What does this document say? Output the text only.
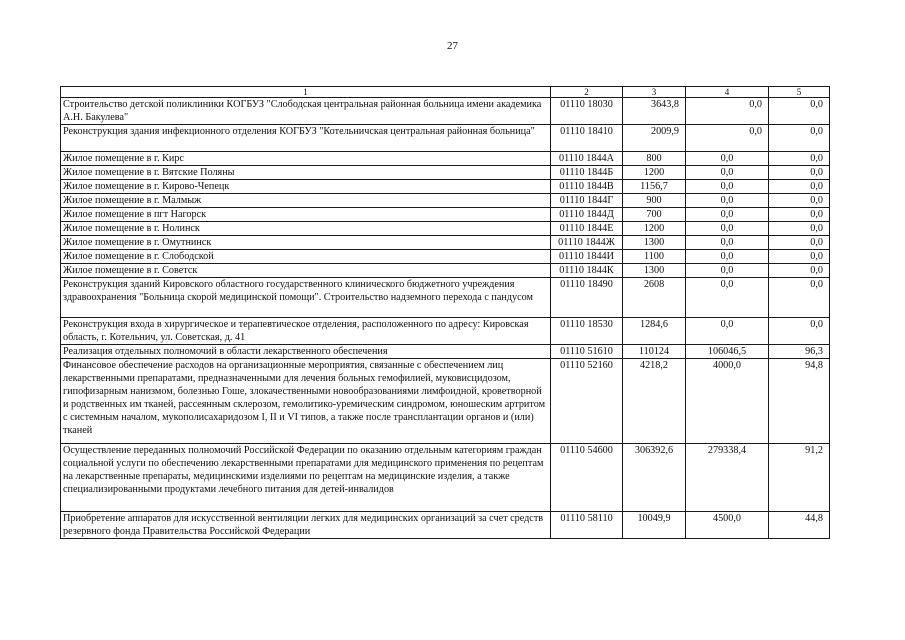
27
1	2	3	4	5
Строительство детской поликлиники КОГБУЗ "Слободская центральная районная больница имени академика А.Н. Бакулева"	01110 18030	3643,8	0,0	0,0
Реконструкция здания инфекционного отделения КОГБУЗ "Котельничская центральная районная больница"	01110 18410	2009,9	0,0	0,0
Жилое помещение в г. Кирс	01110 1844А	800	0,0	0,0
Жилое помещение в г. Вятские Поляны	01110 1844Б	1200	0,0	0,0
Жилое помещение в г. Кирово-Чепецк	01110 1844В	1156,7	0,0	0,0
Жилое помещение в г. Малмыж	01110 1844Г	900	0,0	0,0
Жилое помещение в пгт Нагорск	01110 1844Д	700	0,0	0,0
Жилое помещение в г. Нолинск	01110 1844Е	1200	0,0	0,0
Жилое помещение в г. Омутнинск	01110 1844Ж	1300	0,0	0,0
Жилое помещение в г. Слободской	01110 1844И	1100	0,0	0,0
Жилое помещение в г. Советск	01110 1844К	1300	0,0	0,0
Реконструкция зданий Кировского областного государственного клинического бюджетного учреждения здравоохранения "Больница скорой медицинской помощи". Строительство надземного перехода с пандусом	01110 18490	2608	0,0	0,0
Реконструкция входа в хирургическое и терапевтическое отделения, расположенного по адресу: Кировская область, г. Котельнич, ул. Советская, д. 41	01110 18530	1284,6	0,0	0,0
Реализация отдельных полномочий в области лекарственного обеспечения	01110 51610	110124	106046,5	96,3
Финансовое обеспечение расходов на организационные мероприятия, связанные с обеспечением лиц лекарственными препаратами, предназначенными для лечения больных гемофилией, муковисцидозом, гипофизарным нанизмом, болезнью Гоше, злокачественными новообразованиями лимфоидной, кроветворной и родственных им тканей, рассеянным склерозом, гемолитико-уремическим синдромом, юношеским артритом с системным началом, мукополисахаридозом I, II и VI типов, а также после трансплантации органов и (или) тканей	01110 52160	4218,2	4000,0	94,8
Осуществление переданных полномочий Российской Федерации по оказанию отдельным категориям граждан социальной услуги по обеспечению лекарственными препаратами для медицинского применения по рецептам на лекарственные препараты, медицинскими изделиями по рецептам на медицинские изделия, а также специализированными продуктами лечебного питания для детей-инвалидов	01110 54600	306392,6	279338,4	91,2
Приобретение аппаратов для искусственной вентиляции легких для медицинских организаций за счет средств резервного фонда Правительства Российской Федерации	01110 58110	10049,9	4500,0	44,8
